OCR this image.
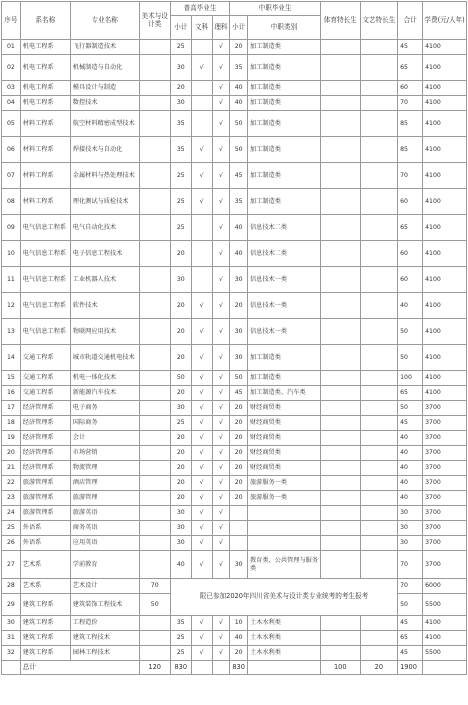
序号	系名称	专业名称	美术与设计类	普高毕业生			中职毕业生		体育特长生	文艺特长生	合计	学费(元/人年)
				小计	文科	理科	小计	中职类别				
01	机电工程系	飞行器制造技术		25		√	20	加工制造类			45	4100
02	机电工程系	机械制造与自动化		30	√	√	35	加工制造类			65	4100
03	机电工程系	模具设计与制造		20		√	40	加工制造类			60	4100
04	机电工程系	数控技术		30		√	40	加工制造类			70	4100
05	材料工程系	航空材料精密成型技术		35		√	50	加工制造类			85	4100
06	材料工程系	焊接技术与自动化		35	√	√	50	加工制造类			85	4100
07	材料工程系	金属材料与热处理技术		25	√	√	45	加工制造类			70	4100
08	材料工程系	理化测试与质检技术		25	√	√	35	加工制造类			60	4100
09	电气信息工程系	电气自动化技术		25		√	40	信息技术二类			65	4100
10	电气信息工程系	电子信息工程技术		20		√	40	信息技术二类			60	4100
11	电气信息工程系	工业机器人技术		30		√	30	信息技术一类			60	4100
12	电气信息工程系	软件技术		20	√	√	20	信息技术一类			40	4100
13	电气信息工程系	物联网应用技术		20	√	√	30	信息技术一类			50	4100
14	交通工程系	城市轨道交通机电技术		20	√	√	30	加工制造类			50	4100
15	交通工程系	机电一体化技术		50	√	√	50	加工制造类			100	4100
16	交通工程系	新能源汽车技术		20	√	√	45	加工制造类、汽车类			65	4100
17	经济管理系	电子商务		30	√	√	20	财经商贸类			50	3700
18	经济管理系	国际商务		25	√	√	20	财经商贸类			45	3700
19	经济管理系	会计		20	√	√	20	财经商贸类			40	3700
20	经济管理系	市场营销		20	√	√	20	财经商贸类			40	3700
21	经济管理系	物流管理		20	√	√	20	财经商贸类			40	3700
22	旅游管理系	酒店管理		20	√	√	20	旅游服务一类			40	3700
23	旅游管理系	旅游管理		20	√	√	20	旅游服务一类			40	3700
24	旅游管理系	旅游英语		30	√	√					30	3700
25	外语系	商务英语		30	√	√					30	3700
26	外语系	应用英语		30	√	√					30	3700
27	艺术系	学前教育		40	√	√	30	教育类、公共管理与服务类			70	3700
28	艺术系	艺术设计	70	限已参加2020年四川省美术与设计类专业统考的考生报考							70	6000
29	建筑工程系	建筑装饰工程技术	50								50	5500
30	建筑工程系	工程造价		35	√	√	10	土木水利类			45	4100
31	建筑工程系	建筑工程技术		25	√	√	40	土木水利类			65	4100
32	建筑工程系	园林工程技术		25	√	√	20	土木水利类			45	5500
	总计		120	830			830		100	20	1900	
